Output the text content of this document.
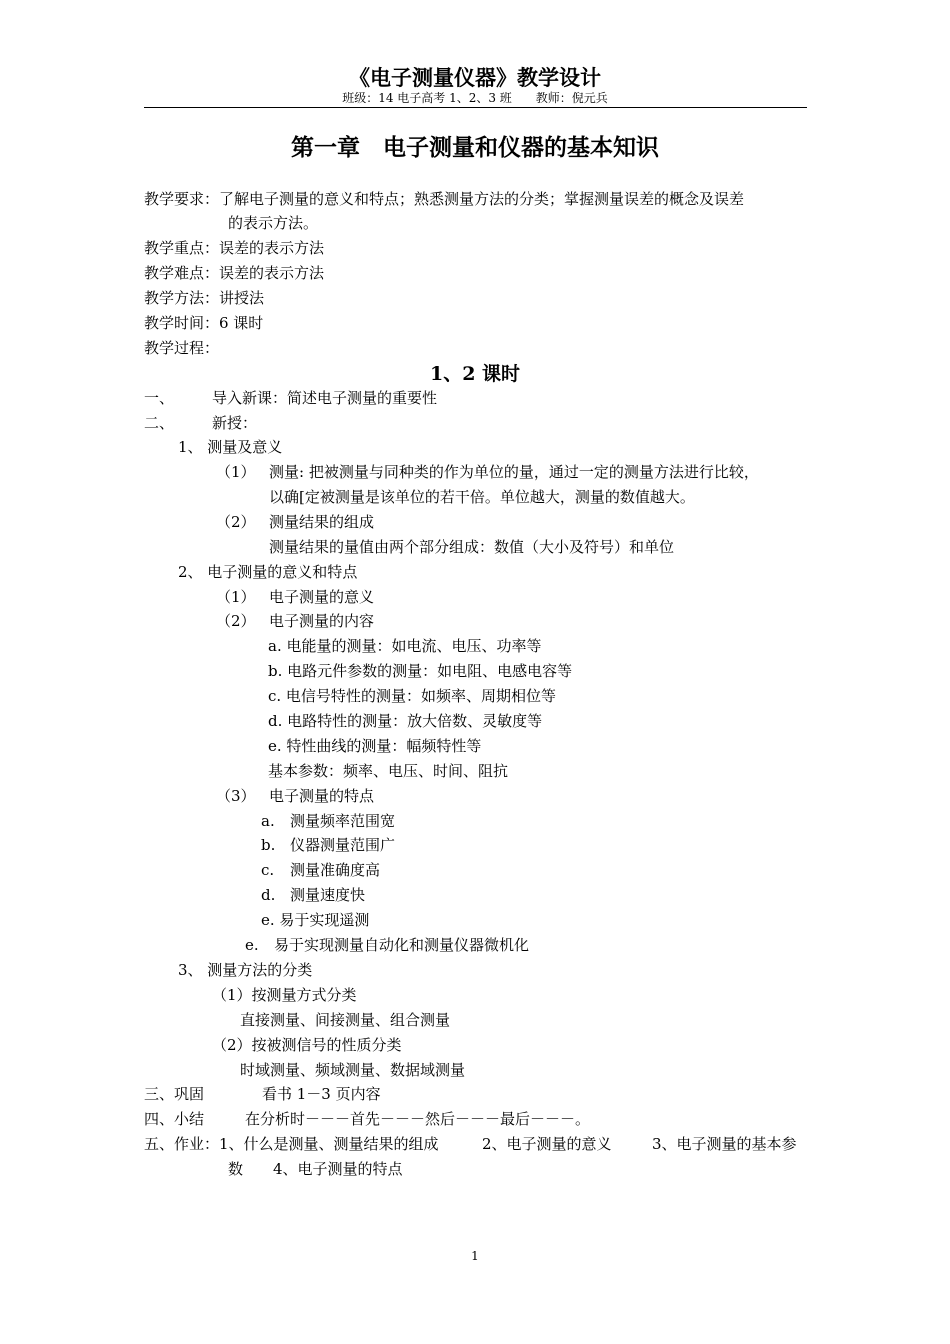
《电子测量仪器》教学设计
班级：14 电子高考 1、2、3 班　　教师：倪元兵
第一章　电子测量和仪器的基本知识
教学要求：了解电子测量的意义和特点；熟悉测量方法的分类；掌握测量误差的概念及误差
的表示方法。
教学重点：误差的表示方法
教学难点：误差的表示方法
教学方法：讲授法
教学时间：6 课时
教学过程：
1、2 课时
一、	导入新课：简述电子测量的重要性
二、	新授：
1、 测量及意义
（1） 测量: 把被测量与同种类的作为单位的量，通过一定的测量方法进行比较，
以确[定被测量是该单位的若干倍。单位越大，测量的数值越大。
（2） 测量结果的组成
测量结果的量值由两个部分组成：数值（大小及符号）和单位
2、 电子测量的意义和特点
（1） 电子测量的意义
（2） 电子测量的内容
a. 电能量的测量：如电流、电压、功率等
b. 电路元件参数的测量：如电阻、电感电容等
c. 电信号特性的测量：如频率、周期相位等
d. 电路特性的测量：放大倍数、灵敏度等
e. 特性曲线的测量：幅频特性等
基本参数：频率、电压、时间、阻抗
（3） 电子测量的特点
a. 测量频率范围宽
b. 仪器测量范围广
c. 测量准确度高
d. 测量速度快
e. 易于实现遥测
e. 易于实现测量自动化和测量仪器微机化
3、 测量方法的分类
（1）按测量方式分类
直接测量、间接测量、组合测量
（2）按被测信号的性质分类
时域测量、频域测量、数据域测量
三、巩固	看书 1－3 页内容
四、小结	在分析时－－－首先－－－然后－－－最后－－－。
五、作业：1、什么是测量、测量结果的组成	2、电子测量的意义	3、电子测量的基本参
数　　4、电子测量的特点
1
